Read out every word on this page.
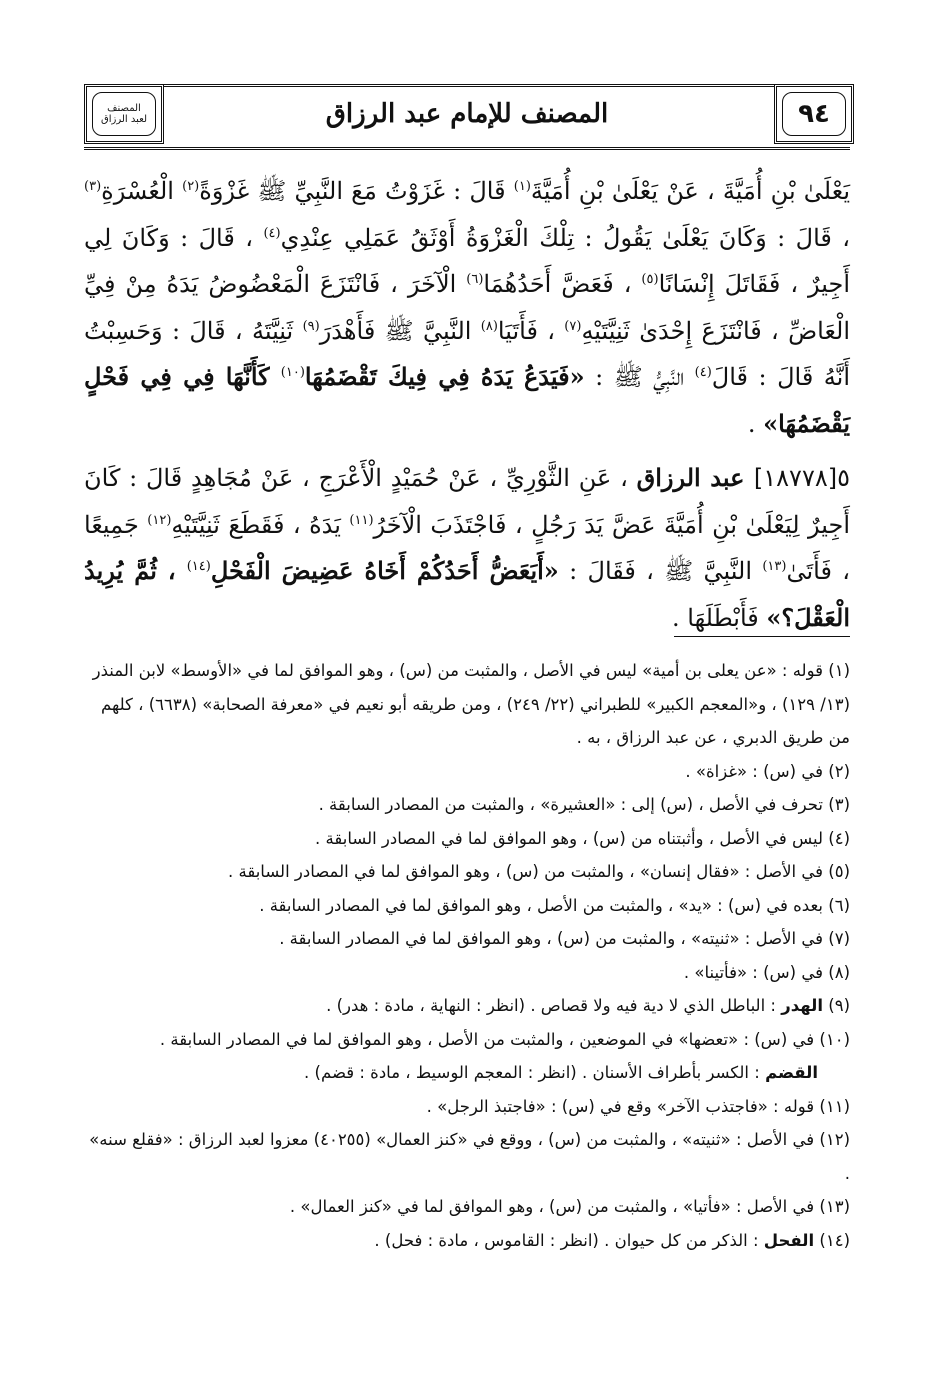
المصنف للإمام عبد الرزاق	٩٤
المصنف
لعبد الرزاق

يَعْلَىٰ بْنِ أُمَيَّةَ ، عَنْ يَعْلَىٰ بْنِ أُمَيَّةَ$^{(١)}$ قَالَ : غَزَوْتُ مَعَ النَّبِيِّ ﷺ غَزْوَةً$^{(٢)}$ الْعُسْرَةِ$^{(٣)}$ ، قَالَ : وَكَانَ يَعْلَىٰ يَقُولُ : تِلْكَ الْغَزْوَةُ أَوْثَقُ عَمَلِي عِنْدِي$^{(٤)}$ ، قَالَ : وَكَانَ لِي أَجِيرٌ ، فَقَاتَلَ إِنْسَانًا$^{(٥)}$ ، فَعَضَّ أَحَدُهُمَا$^{(٦)}$ الْآخَرَ ، فَانْتَزَعَ الْمَعْضُوضُ يَدَهُ مِنْ فِيِّ الْعَاضِّ ، فَانْتَزَعَ إِحْدَىٰ ثَنِيَّتَيْهِ$^{(٧)}$ ، فَأَتَيَا$^{(٨)}$ النَّبِيَّ ﷺ فَأَهْدَرَ$^{(٩)}$ ثَنِيَّتَهُ ، قَالَ : وَحَسِبْتُ أَنَّهُ قَالَ : قَالَ$^{(٤)}$ النَّبِيُّ ﷺ : «فَيَدَعُ يَدَهُ فِي فِيكَ تَقْضَمُهَا$^{(١٠)}$ كَأَنَّهَا فِي فِي فَحْلٍ يَقْضَمُهَا» .

٥[١٨٧٧٨] عبد الرزاق ، عَنِ الثَّوْرِيِّ ، عَنْ حُمَيْدٍ الْأَعْرَجِ ، عَنْ مُجَاهِدٍ قَالَ : كَانَ أَجِيرٌ لِيَعْلَىٰ بْنِ أُمَيَّةَ عَضَّ يَدَ رَجُلٍ ، فَاجْتَذَبَ الْآخَرُ$^{(١١)}$ يَدَهُ ، فَقَطَعَ ثَنِيَّتَيْهِ$^{(١٢)}$ جَمِيعًا ، فَأَتَىٰ$^{(١٣)}$ النَّبِيَّ ﷺ ، فَقَالَ : «أَيَعَضُّ أَحَدُكُمْ أَخَاهُ عَضِيضَ الْفَحْلِ$^{(١٤)}$ ، ثُمَّ يُرِيدُ الْعَقْلَ؟» فَأَبْطَلَهَا .

(١) قوله : «عن يعلى بن أمية» ليس في الأصل ، والمثبت من (س) ، وهو الموافق لما في «الأوسط» لابن المنذر (١٣/ ١٢٩) ، و«المعجم الكبير» للطبراني (٢٢/ ٢٤٩) ، ومن طريقه أبو نعيم في «معرفة الصحابة» (٦٦٣٨) ، كلهم من طريق الدبري ، عن عبد الرزاق ، به .

(٢) في (س) : «غزاة» .

(٣) تحرف في الأصل ، (س) إلى : «العشيرة» ، والمثبت من المصادر السابقة .

(٤) ليس في الأصل ، وأثبتناه من (س) ، وهو الموافق لما في المصادر السابقة .

(٥) في الأصل : «فقال إنسان» ، والمثبت من (س) ، وهو الموافق لما في المصادر السابقة .

(٦) بعده في (س) : «يد» ، والمثبت من الأصل ، وهو الموافق لما في المصادر السابقة .

(٧) في الأصل : «ثنيته» ، والمثبت من (س) ، وهو الموافق لما في المصادر السابقة .

(٨) في (س) : «فأتينا» .

(٩) الهدر : الباطل الذي لا دية فيه ولا قصاص . (انظر : النهاية ، مادة : هدر) .

(١٠) في (س) : «تعضها» في الموضعين ، والمثبت من الأصل ، وهو الموافق لما في المصادر السابقة .

القضم : الكسر بأطراف الأسنان . (انظر : المعجم الوسيط ، مادة : قضم) .

(١١) قوله : «فاجتذب الآخر» وقع في (س) : «فاجتبذ الرجل» .

(١٢) في الأصل : «ثنيته» ، والمثبت من (س) ، ووقع في «كنز العمال» (٤٠٢٥٥) معزوا لعبد الرزاق : «فقلع سنه» .

(١٣) في الأصل : «فأتيا» ، والمثبت من (س) ، وهو الموافق لما في «كنز العمال» .

(١٤) الفحل : الذكر من كل حيوان . (انظر : القاموس ، مادة : فحل) .
